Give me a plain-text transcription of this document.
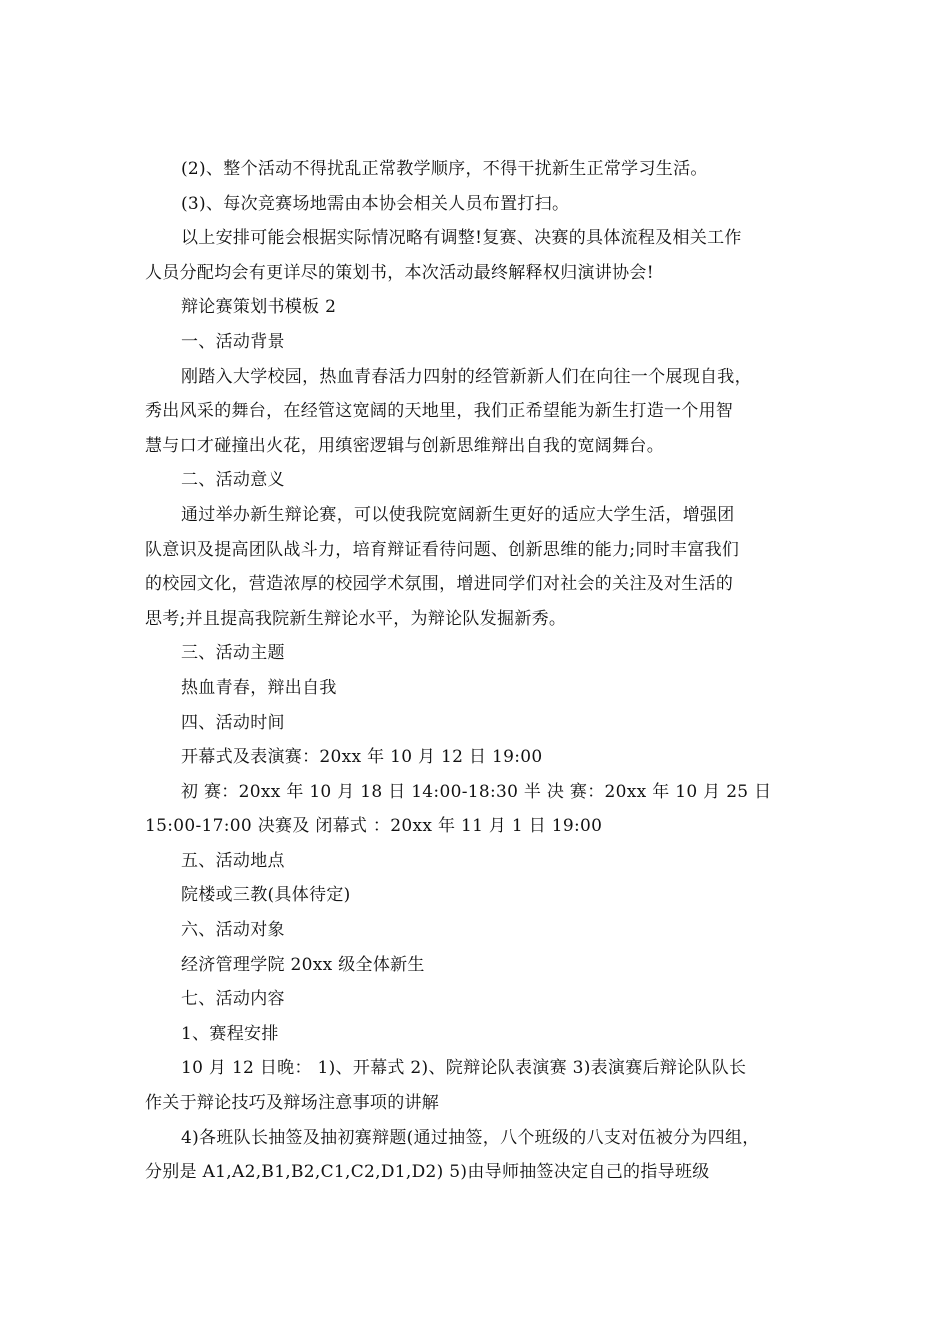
(2)、整个活动不得扰乱正常教学顺序，不得干扰新生正常学习生活。
(3)、每次竞赛场地需由本协会相关人员布置打扫。
以上安排可能会根据实际情况略有调整!复赛、决赛的具体流程及相关工作
人员分配均会有更详尽的策划书，本次活动最终解释权归演讲协会!
辩论赛策划书模板 2
一、活动背景
刚踏入大学校园，热血青春活力四射的经管新新人们在向往一个展现自我，
秀出风采的舞台，在经管这宽阔的天地里，我们正希望能为新生打造一个用智
慧与口才碰撞出火花，用缜密逻辑与创新思维辩出自我的宽阔舞台。
二、活动意义
通过举办新生辩论赛，可以使我院宽阔新生更好的适应大学生活，增强团
队意识及提高团队战斗力，培育辩证看待问题、创新思维的能力;同时丰富我们
的校园文化，营造浓厚的校园学术氛围，增进同学们对社会的关注及对生活的
思考;并且提高我院新生辩论水平，为辩论队发掘新秀。
三、活动主题
热血青春，辩出自我
四、活动时间
开幕式及表演赛：20xx 年 10 月 12 日 19:00
初 赛：20xx 年 10 月 18 日 14:00-18:30 半 决 赛：20xx 年 10 月 25 日
15:00-17:00 决赛及 闭幕式 ：20xx 年 11 月 1 日 19:00
五、活动地点
院楼或三教(具体待定)
六、活动对象
经济管理学院 20xx 级全体新生
七、活动内容
1、赛程安排
10 月 12 日晚： 1)、开幕式 2)、院辩论队表演赛 3)表演赛后辩论队队长
作关于辩论技巧及辩场注意事项的讲解
4)各班队长抽签及抽初赛辩题(通过抽签，八个班级的八支对伍被分为四组，
分别是 A1,A2,B1,B2,C1,C2,D1,D2) 5)由导师抽签决定自己的指导班级
